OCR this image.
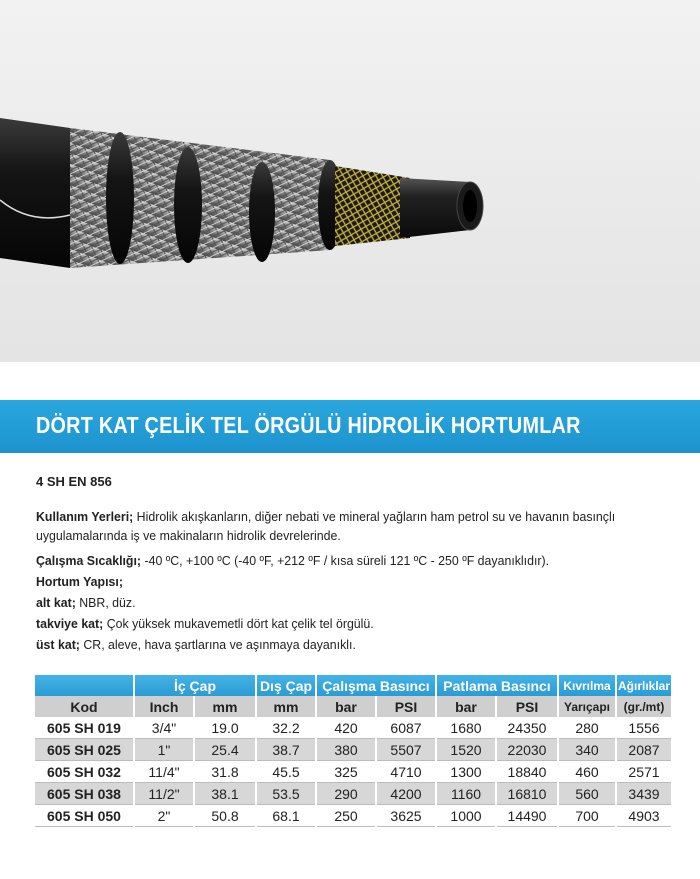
DÖRT KAT ÇELİK TEL ÖRGÜLÜ HİDROLİK HORTUMLAR
4 SH EN 856

Kullanım Yerleri; Hidrolik akışkanların, diğer nebati ve mineral yağların ham petrol su ve havanın basınçlı uygulamalarında iş ve makinaların hidrolik devrelerinde.

Çalışma Sıcaklığı; -40 ºC, +100 ºC (-40 ºF, +212 ºF / kısa süreli 121 ºC - 250 ºF dayanıklıdır).

Hortum Yapısı;

alt kat; NBR, düz.

takviye kat; Çok yüksek mukavemetli dört kat çelik tel örgülü.

üst kat; CR, aleve, hava şartlarına ve aşınmaya dayanıklı.

	İç Çap		Dış Çap	Çalışma Basıncı		Patlama Basıncı		Kıvrılma	Ağırlıklar
Kod	Inch	mm	mm	bar	PSI	bar	PSI	Yarıçapı	(gr./mt)
605 SH 019	3/4"	19.0	32.2	420	6087	1680	24350	280	1556
605 SH 025	1"	25.4	38.7	380	5507	1520	22030	340	2087
605 SH 032	11/4"	31.8	45.5	325	4710	1300	18840	460	2571
605 SH 038	11/2"	38.1	53.5	290	4200	1160	16810	560	3439
605 SH 050	2"	50.8	68.1	250	3625	1000	14490	700	4903
